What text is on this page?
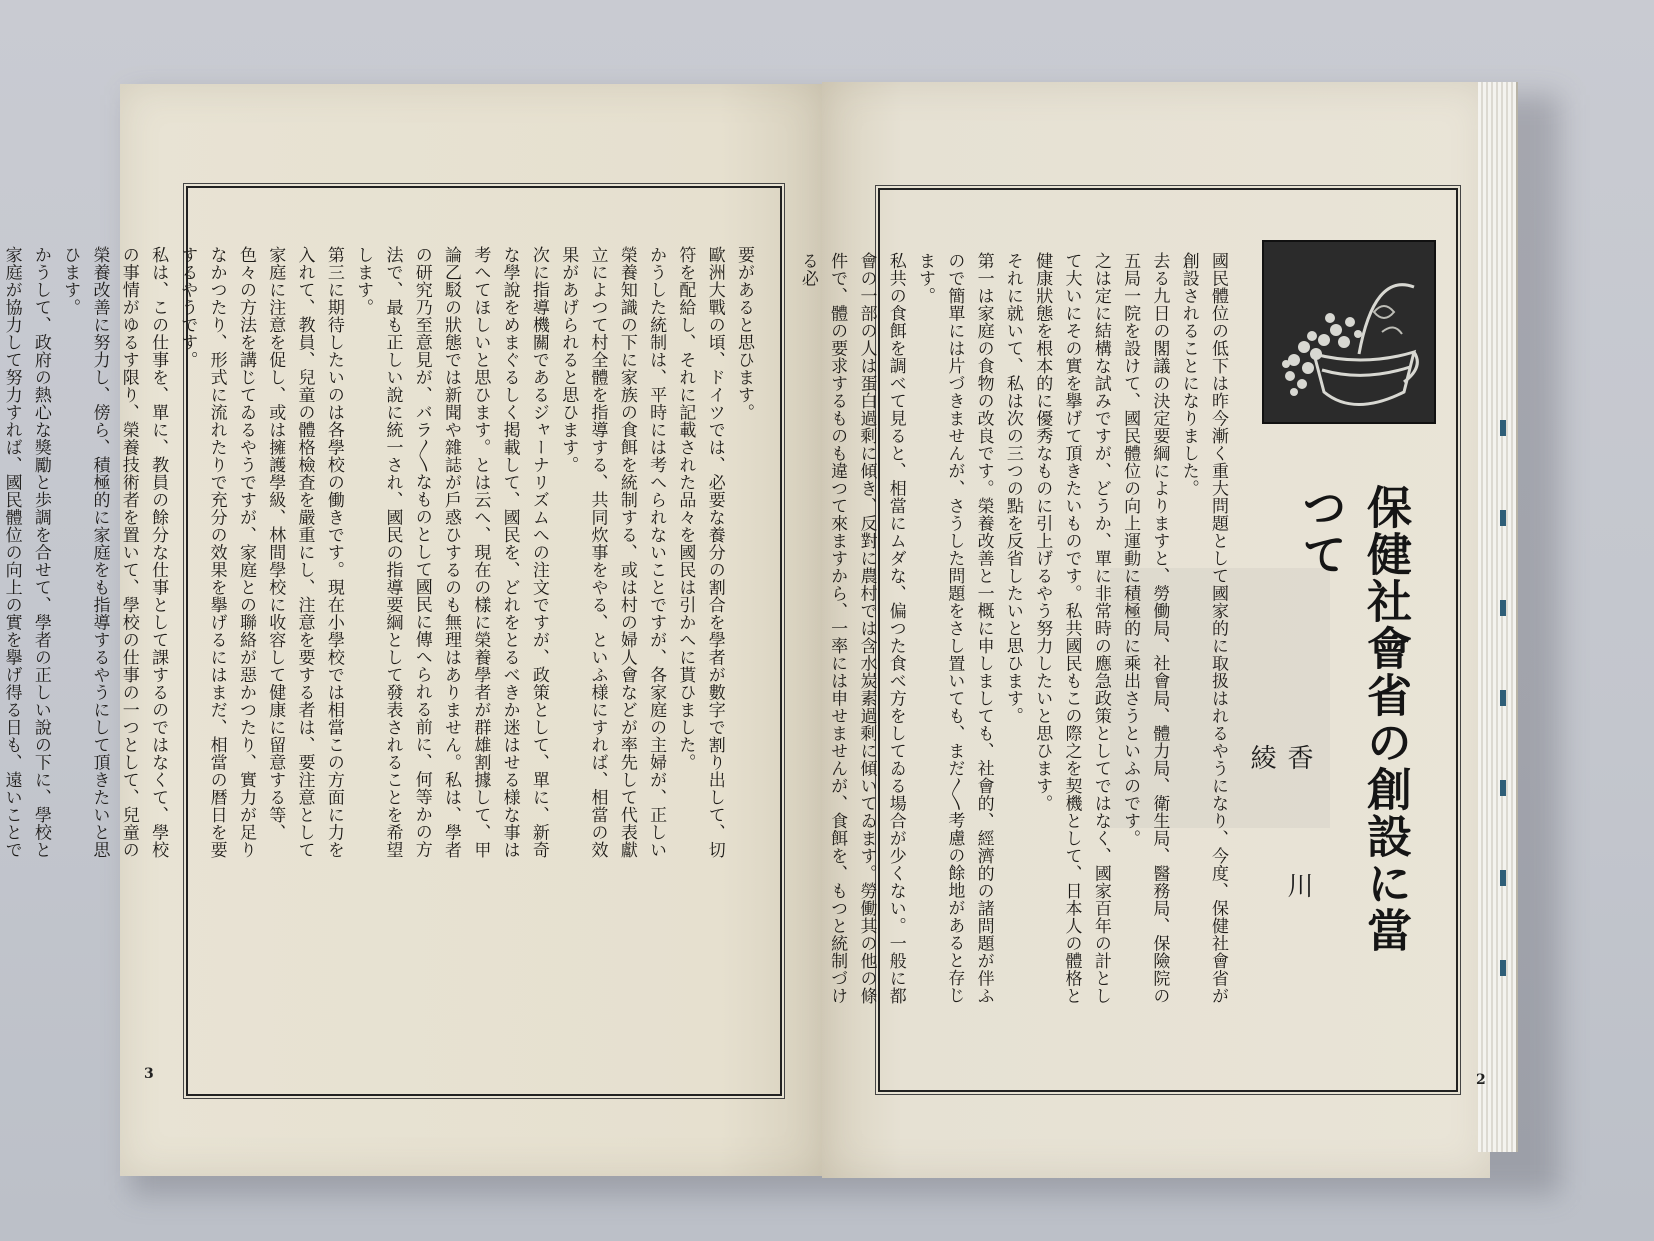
要があると思ひます。

歐洲大戰の頃、ドイツでは、必要な養分の割合を學者が數字で割り出して、切符を配給し、それに記載された品々を國民は引かへに貰ひました。

かうした統制は、平時には考へられないことですが、各家庭の主婦が、正しい榮養知識の下に家族の食餌を統制する、或は村の婦人會などが率先して代表獻立によつて村全體を指導する、共同炊事をやる、といふ様にすれば、相當の效果があげられると思ひます。

次に指導機關であるジャーナリズムへの注文ですが、政策として、單に、新奇な學說をめまぐるしく掲載して、國民を、どれをとるべきか迷はせる様な事は考へてほしいと思ひます。とは云へ、現在の樣に榮養學者が群雄割據して、甲論乙駁の狀態では新聞や雜誌が戶惑ひするのも無理はありません。私は、學者の研究乃至意見が、バラ〳〵なものとして國民に傳へられる前に、何等かの方法で、最も正しい說に統一され、國民の指導要綱として發表されることを希望します。

第三に期待したいのは各學校の働きです。現在小學校では相當この方面に力を入れて、教員、兒童の體格檢査を嚴重にし、注意を要する者は、要注意として家庭に注意を促し、或は擁護學級、林間學校に收容して健康に留意する等、色々の方法を講じてゐるやうですが、家庭との聯絡が惡かつたり、實力が足りなかつたり、形式に流れたりで充分の效果を擧げるにはまだ、相當の暦日を要するやうです。

私は、この仕事を、單に、教員の餘分な仕事として課するのではなくて、學校の事情がゆるす限り、榮養技術者を置いて、學校の仕事の一つとして、兒童の榮養改善に努力し、傍ら、積極的に家庭をも指導するやうにして頂きたいと思ひます。

かうして、政府の熱心な獎勵と歩調を合せて、學者の正しい說の下に、學校と家庭が協力して努力すれば、國民體位の向上の實を擧げ得る日も、遠いことで

3
保健社會省の創設に當つて
香　川　綾

國民體位の低下は昨今漸く重大問題として國家的に取扱はれるやうになり、今度、保健社會省が創設されることになりました。

去る九日の閣議の決定要綱によりますと、勞働局、社會局、體力局、衛生局、醫務局、保險院の五局一院を設けて、國民體位の向上運動に積極的に乘出さうといふのです。

之は定に結構な試みですが、どうか、單に非常時の應急政策としてではなく、國家百年の計として大いにその實を擧げて頂きたいものです。私共國民もこの際之を契機として、日本人の體格と健康狀態を根本的に優秀なものに引上げるやう努力したいと思ひます。

それに就いて、私は次の三つの點を反省したいと思ひます。

第一は家庭の食物の改良です。榮養改善と一概に申しましても、社會的、經濟的の諸問題が伴ふので簡單には片づきませんが、さうした問題をさし置いても、まだ〳〵考慮の餘地があると存じます。

私共の食餌を調べて見ると、相當にムダな、偏つた食べ方をしてゐる場合が少くない。一般に都會の一部の人は蛋白過剩に傾き、反對に農村では含水炭素過剩に傾いてゐます。勞働其の他の條件で、體の要求するものも違つて來ますから、一率には申せませんが、食餌を、もつと統制づける必

2
